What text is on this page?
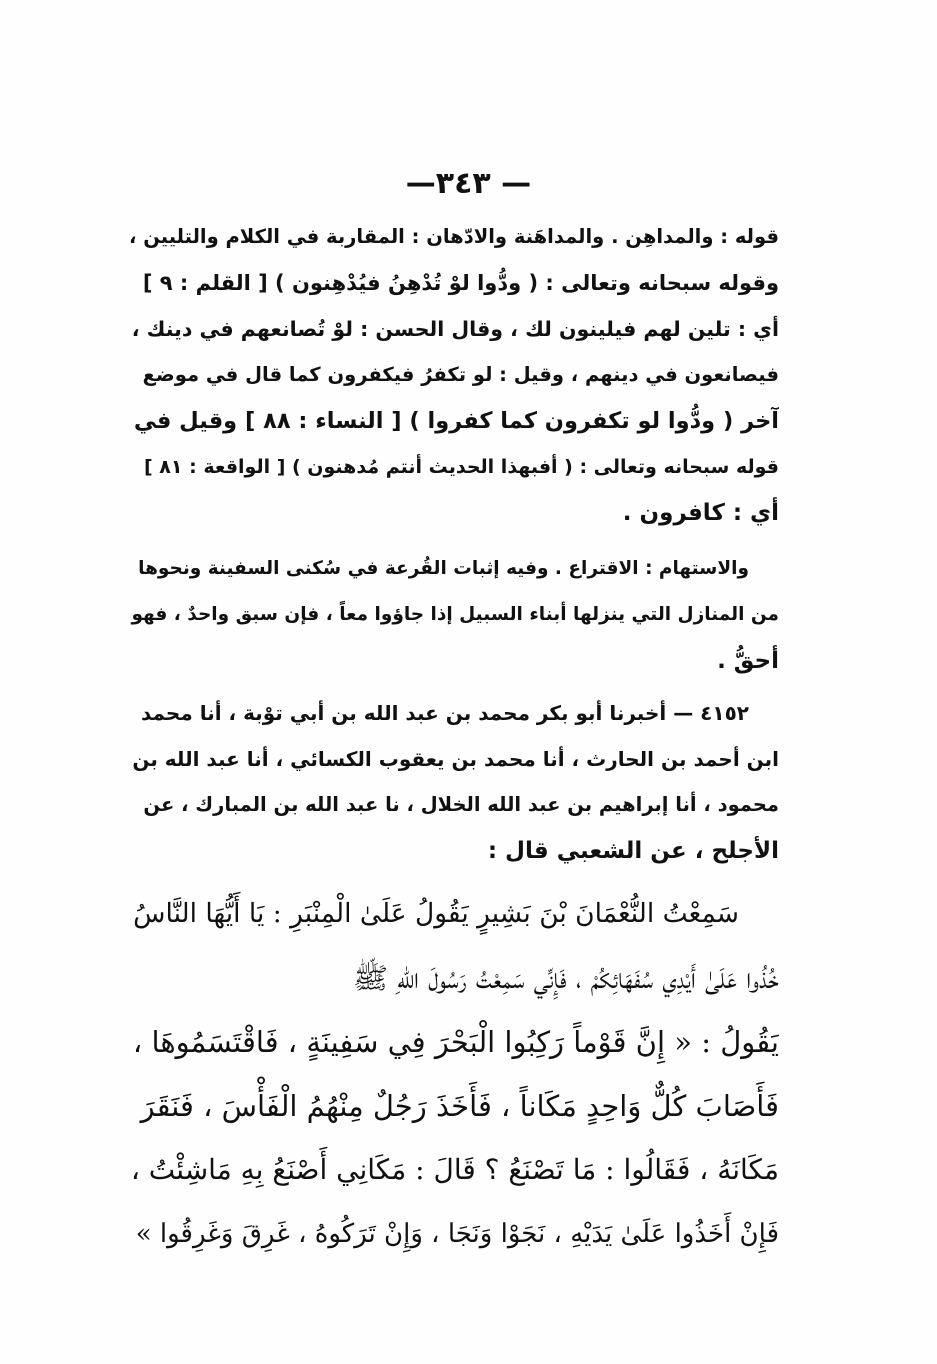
— ٣٤٣—
قوله : والمداهِن . والمداهَنة والادّهان : المقاربة في الكلام والتليين ،
وقوله سبحانه وتعالى : ( ودُّوا لوْ تُدْهِنُ فيُدْهِنون ) [ القلم : ٩ ]
أي : تلين لهم فيلينون لك ، وقال الحسن : لوْ تُصانعهم في دينك ،
فيصانعون في دينهم ، وقيل : لو تكفرُ فيكفرون كما قال في موضع
آخر ( ودُّوا لو تكفرون كما كفروا ) [ النساء : ٨٨ ] وقيل في
قوله سبحانه وتعالى : ( أفبهذا الحديث أنتم مُدهنون ) [ الواقعة : ٨١ ]
أي : كافرون .
والاستهام : الاقتراع . وفيه إثبات القُرعة في سُكنى السفينة ونحوها
من المنازل التي ينزلها أبناء السبيل إذا جاؤوا معاً ، فإن سبق واحدٌ ، فهو
أحقُّ .
٤١٥٢ — أخبرنا أبو بكر محمد بن عبد الله بن أبي توْبة ، أنا محمد
ابن أحمد بن الحارث ، أنا محمد بن يعقوب الكسائي ، أنا عبد الله بن
محمود ، أنا إبراهيم بن عبد الله الخلال ، نا عبد الله بن المبارك ، عن
الأجلح ، عن الشعبي قال :
سَمِعْتُ النُّعْمَانَ بْنَ بَشِيرٍ يَقُولُ عَلَىٰ الْمِنْبَرِ : يَا أَيُّهَا النَّاسُ
خُذُوا عَلَىٰ أَيْدِي سُفَهَائِكُمْ ، فَإِنِّي سَمِعْتُ رَسُولَ اللهِ ﷺ
يَقُولُ : « إِنَّ قَوْماً رَكِبُوا الْبَحْرَ فِي سَفِينَةٍ ، فَاقْتَسَمُوهَا ،
فَأَصَابَ كُلٌّ وَاحِدٍ مَكَاناً ، فَأَخَذَ رَجُلٌ مِنْهُمُ الْفَأْسَ ، فَنَقَرَ
مَكَانَهُ ، فَقَالُوا : مَا تَصْنَعُ ؟ قَالَ : مَكَانِي أَصْنَعُ بِهِ مَاشِئْتُ ،
فَإِنْ أَخَذُوا عَلَىٰ يَدَيْهِ ، نَجَوْا وَنَجَا ، وَإِنْ تَرَكُوهُ ، غَرِقَ وَغَرِقُوا »
